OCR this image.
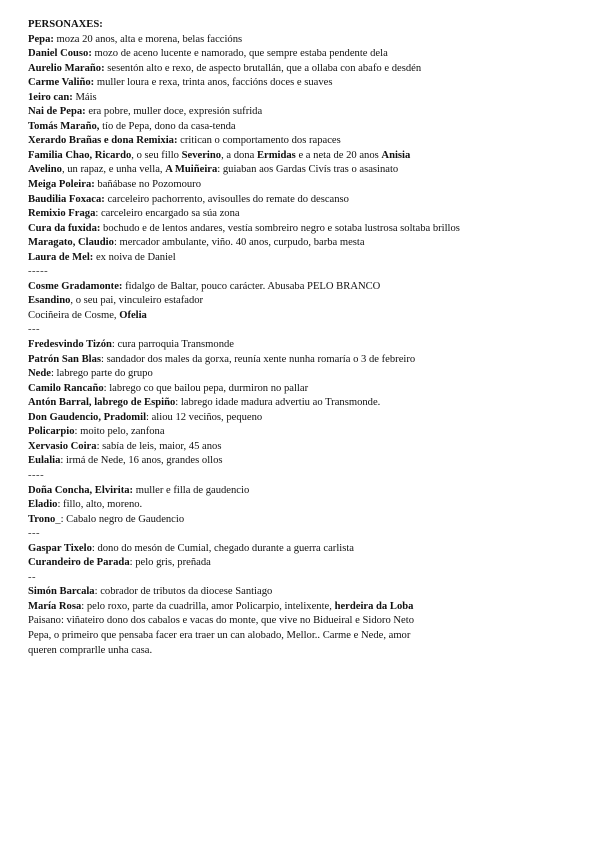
PERSONAXES:
Pepa: moza 20 anos, alta e morena, belas faccións
Daniel Couso: mozo de aceno lucente e namorado, que sempre estaba pendente dela
Aurelio Maraño: sesentón alto e rexo, de aspecto brutallán, que a ollaba con abafo e desdén
Carme Valiño: muller loura e rexa, trinta anos, faccións doces e suaves
1eiro can: Máis
Nai de Pepa: era pobre, muller doce, expresión sufrida
Tomás Maraño, tío de Pepa, dono da casa-tenda
Xerardo Brañas e dona Remixia: critican o comportamento dos rapaces
Familia Chao, Ricardo, o seu fillo Severino, a dona Ermidas e a neta de 20 anos Anisia
Avelino, un rapaz, e unha vella, A Muiñeira: guiaban aos Gardas Civís tras o asasinato
Meiga Poleira: bañábase no Pozomouro
Baudilia Foxaca: carceleiro pachorrento, avisoulles do remate do descanso
Remixio Fraga: carceleiro encargado sa súa zona
Cura da fuxida: bochudo e de lentos andares, vestía sombreiro negro e sotaba lustrosa soltaba brillos
Maragato, Claudio: mercador ambulante, viño. 40 anos, curpudo, barba mesta
Laura de Mel: ex noiva de Daniel
-----
Cosme Gradamonte: fidalgo de Baltar, pouco carácter. Abusaba PELO BRANCO
Esandino, o seu pai, vinculeiro estafador
Cociñeira de Cosme, Ofelia
---
Fredesvindo Tizón: cura parroquia Transmonde
Patrón San Blas: sandador dos males da gorxa, reunía xente nunha romaría o 3 de febreiro
Nede: labrego parte do grupo
Camilo Rancaño: labrego co que bailou pepa, durmiron no pallar
Antón Barral, labrego de Espiño: labrego idade madura advertiu ao Transmonde.
Don Gaudencio, Pradomil: aliou 12 veciños, pequeno
Policarpio: moito pelo, zanfona
Xervasio Coira: sabía de leis, maior, 45 anos
Eulalia: irmá de Nede, 16 anos, grandes ollos
----
Doña Concha, Elvirita: muller e filla de gaudencio
Eladio: fillo, alto, moreno.
Trono_: Cabalo negro de Gaudencio
---
Gaspar Tixelo: dono do mesón de Cumial, chegado durante a guerra carlista
Curandeiro de Parada: pelo gris, preñada
--
Simón Barcala: cobrador de tributos da diocese Santiago
María Rosa: pelo roxo, parte da cuadrilla, amor Policarpio, intelixente, herdeira da Loba
Paisano: viñateiro dono dos cabalos e vacas do monte, que vive no Bidueiral e Sidoro Neto
Pepa, o primeiro que pensaba facer era traer un can alobado, Mellor.. Carme e Nede, amor
queren comprarlle unha casa.
